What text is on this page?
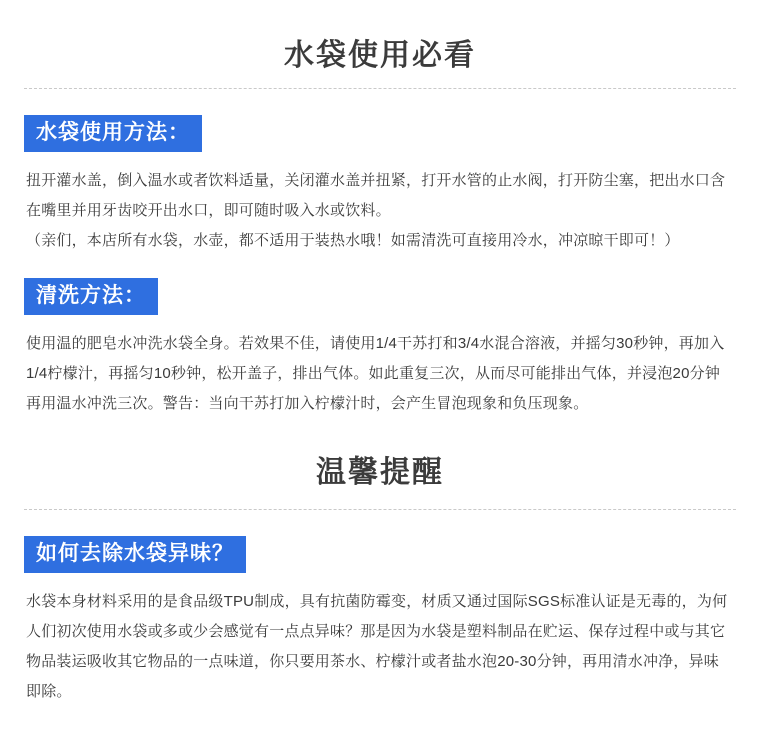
水袋使用必看
水袋使用方法：

扭开灌水盖，倒入温水或者饮料适量，关闭灌水盖并扭紧，打开水管的止水阀，打开防尘塞，把出水口含在嘴里并用牙齿咬开出水口，即可随时吸入水或饮料。

（亲们，本店所有水袋，水壶，都不适用于装热水哦！如需清洗可直接用冷水，冲凉晾干即可！）

清洗方法：

使用温的肥皂水冲洗水袋全身。若效果不佳，请使用1/4干苏打和3/4水混合溶液，并摇匀30秒钟，再加入1/4柠檬汁，再摇匀10秒钟，松开盖子，排出气体。如此重复三次，从而尽可能排出气体，并浸泡20分钟再用温水冲洗三次。警告：当向干苏打加入柠檬汁时，会产生冒泡现象和负压现象。

温馨提醒
如何去除水袋异味？

水袋本身材料采用的是食品级TPU制成，具有抗菌防霉变，材质又通过国际SGS标准认证是无毒的，为何人们初次使用水袋或多或少会感觉有一点点异味？那是因为水袋是塑料制品在贮运、保存过程中或与其它物品装运吸收其它物品的一点味道，你只要用茶水、柠檬汁或者盐水泡20-30分钟，再用清水冲净，异味即除。
